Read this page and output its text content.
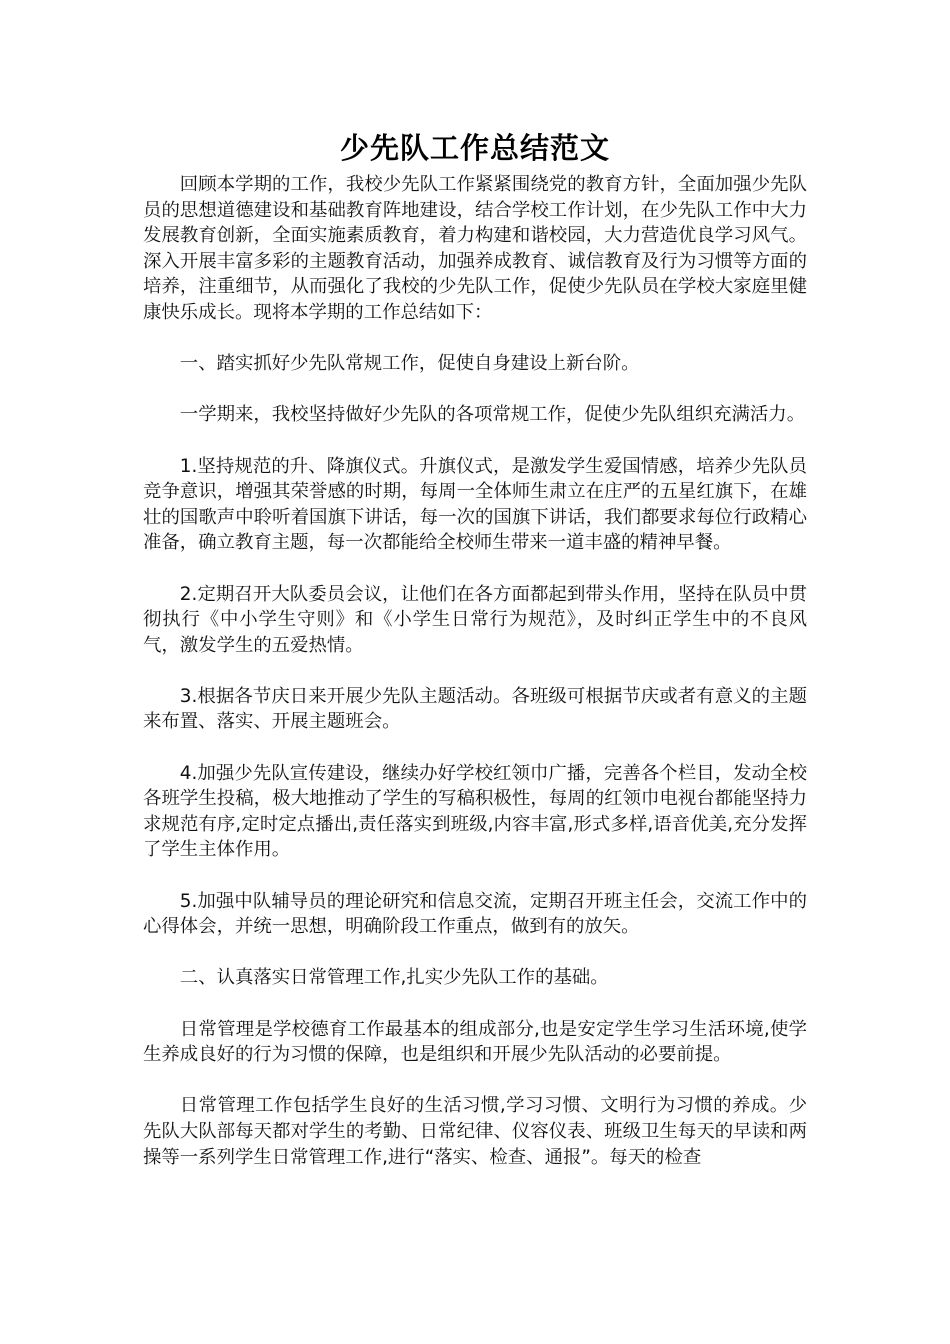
少先队工作总结范文

回顾本学期的工作，我校少先队工作紧紧围绕党的教育方针，全面加强少先队员的思想道德建设和基础教育阵地建设，结合学校工作计划，在少先队工作中大力发展教育创新，全面实施素质教育，着力构建和谐校园，大力营造优良学习风气。深入开展丰富多彩的主题教育活动，加强养成教育、诚信教育及行为习惯等方面的培养，注重细节，从而强化了我校的少先队工作，促使少先队员在学校大家庭里健康快乐成长。现将本学期的工作总结如下：

一、踏实抓好少先队常规工作，促使自身建设上新台阶。

一学期来，我校坚持做好少先队的各项常规工作，促使少先队组织充满活力。

1.坚持规范的升、降旗仪式。升旗仪式，是激发学生爱国情感，培养少先队员竞争意识，增强其荣誉感的时期，每周一全体师生肃立在庄严的五星红旗下，在雄壮的国歌声中聆听着国旗下讲话，每一次的国旗下讲话，我们都要求每位行政精心准备，确立教育主题，每一次都能给全校师生带来一道丰盛的精神早餐。

2.定期召开大队委员会议，让他们在各方面都起到带头作用，坚持在队员中贯彻执行《中小学生守则》和《小学生日常行为规范》，及时纠正学生中的不良风气，激发学生的五爱热情。

3.根据各节庆日来开展少先队主题活动。各班级可根据节庆或者有意义的主题来布置、落实、开展主题班会。

4.加强少先队宣传建设，继续办好学校红领巾广播，完善各个栏目，发动全校各班学生投稿，极大地推动了学生的写稿积极性，每周的红领巾电视台都能坚持力求规范有序,定时定点播出,责任落实到班级,内容丰富,形式多样,语音优美,充分发挥了学生主体作用。

5.加强中队辅导员的理论研究和信息交流，定期召开班主任会，交流工作中的心得体会，并统一思想，明确阶段工作重点，做到有的放矢。

二、认真落实日常管理工作,扎实少先队工作的基础。

日常管理是学校德育工作最基本的组成部分,也是安定学生学习生活环境,使学生养成良好的行为习惯的保障，也是组织和开展少先队活动的必要前提。

日常管理工作包括学生良好的生活习惯,学习习惯、文明行为习惯的养成。少先队大队部每天都对学生的考勤、日常纪律、仪容仪表、班级卫生每天的早读和两操等一系列学生日常管理工作,进行“落实、检查、通报”。每天的检查
